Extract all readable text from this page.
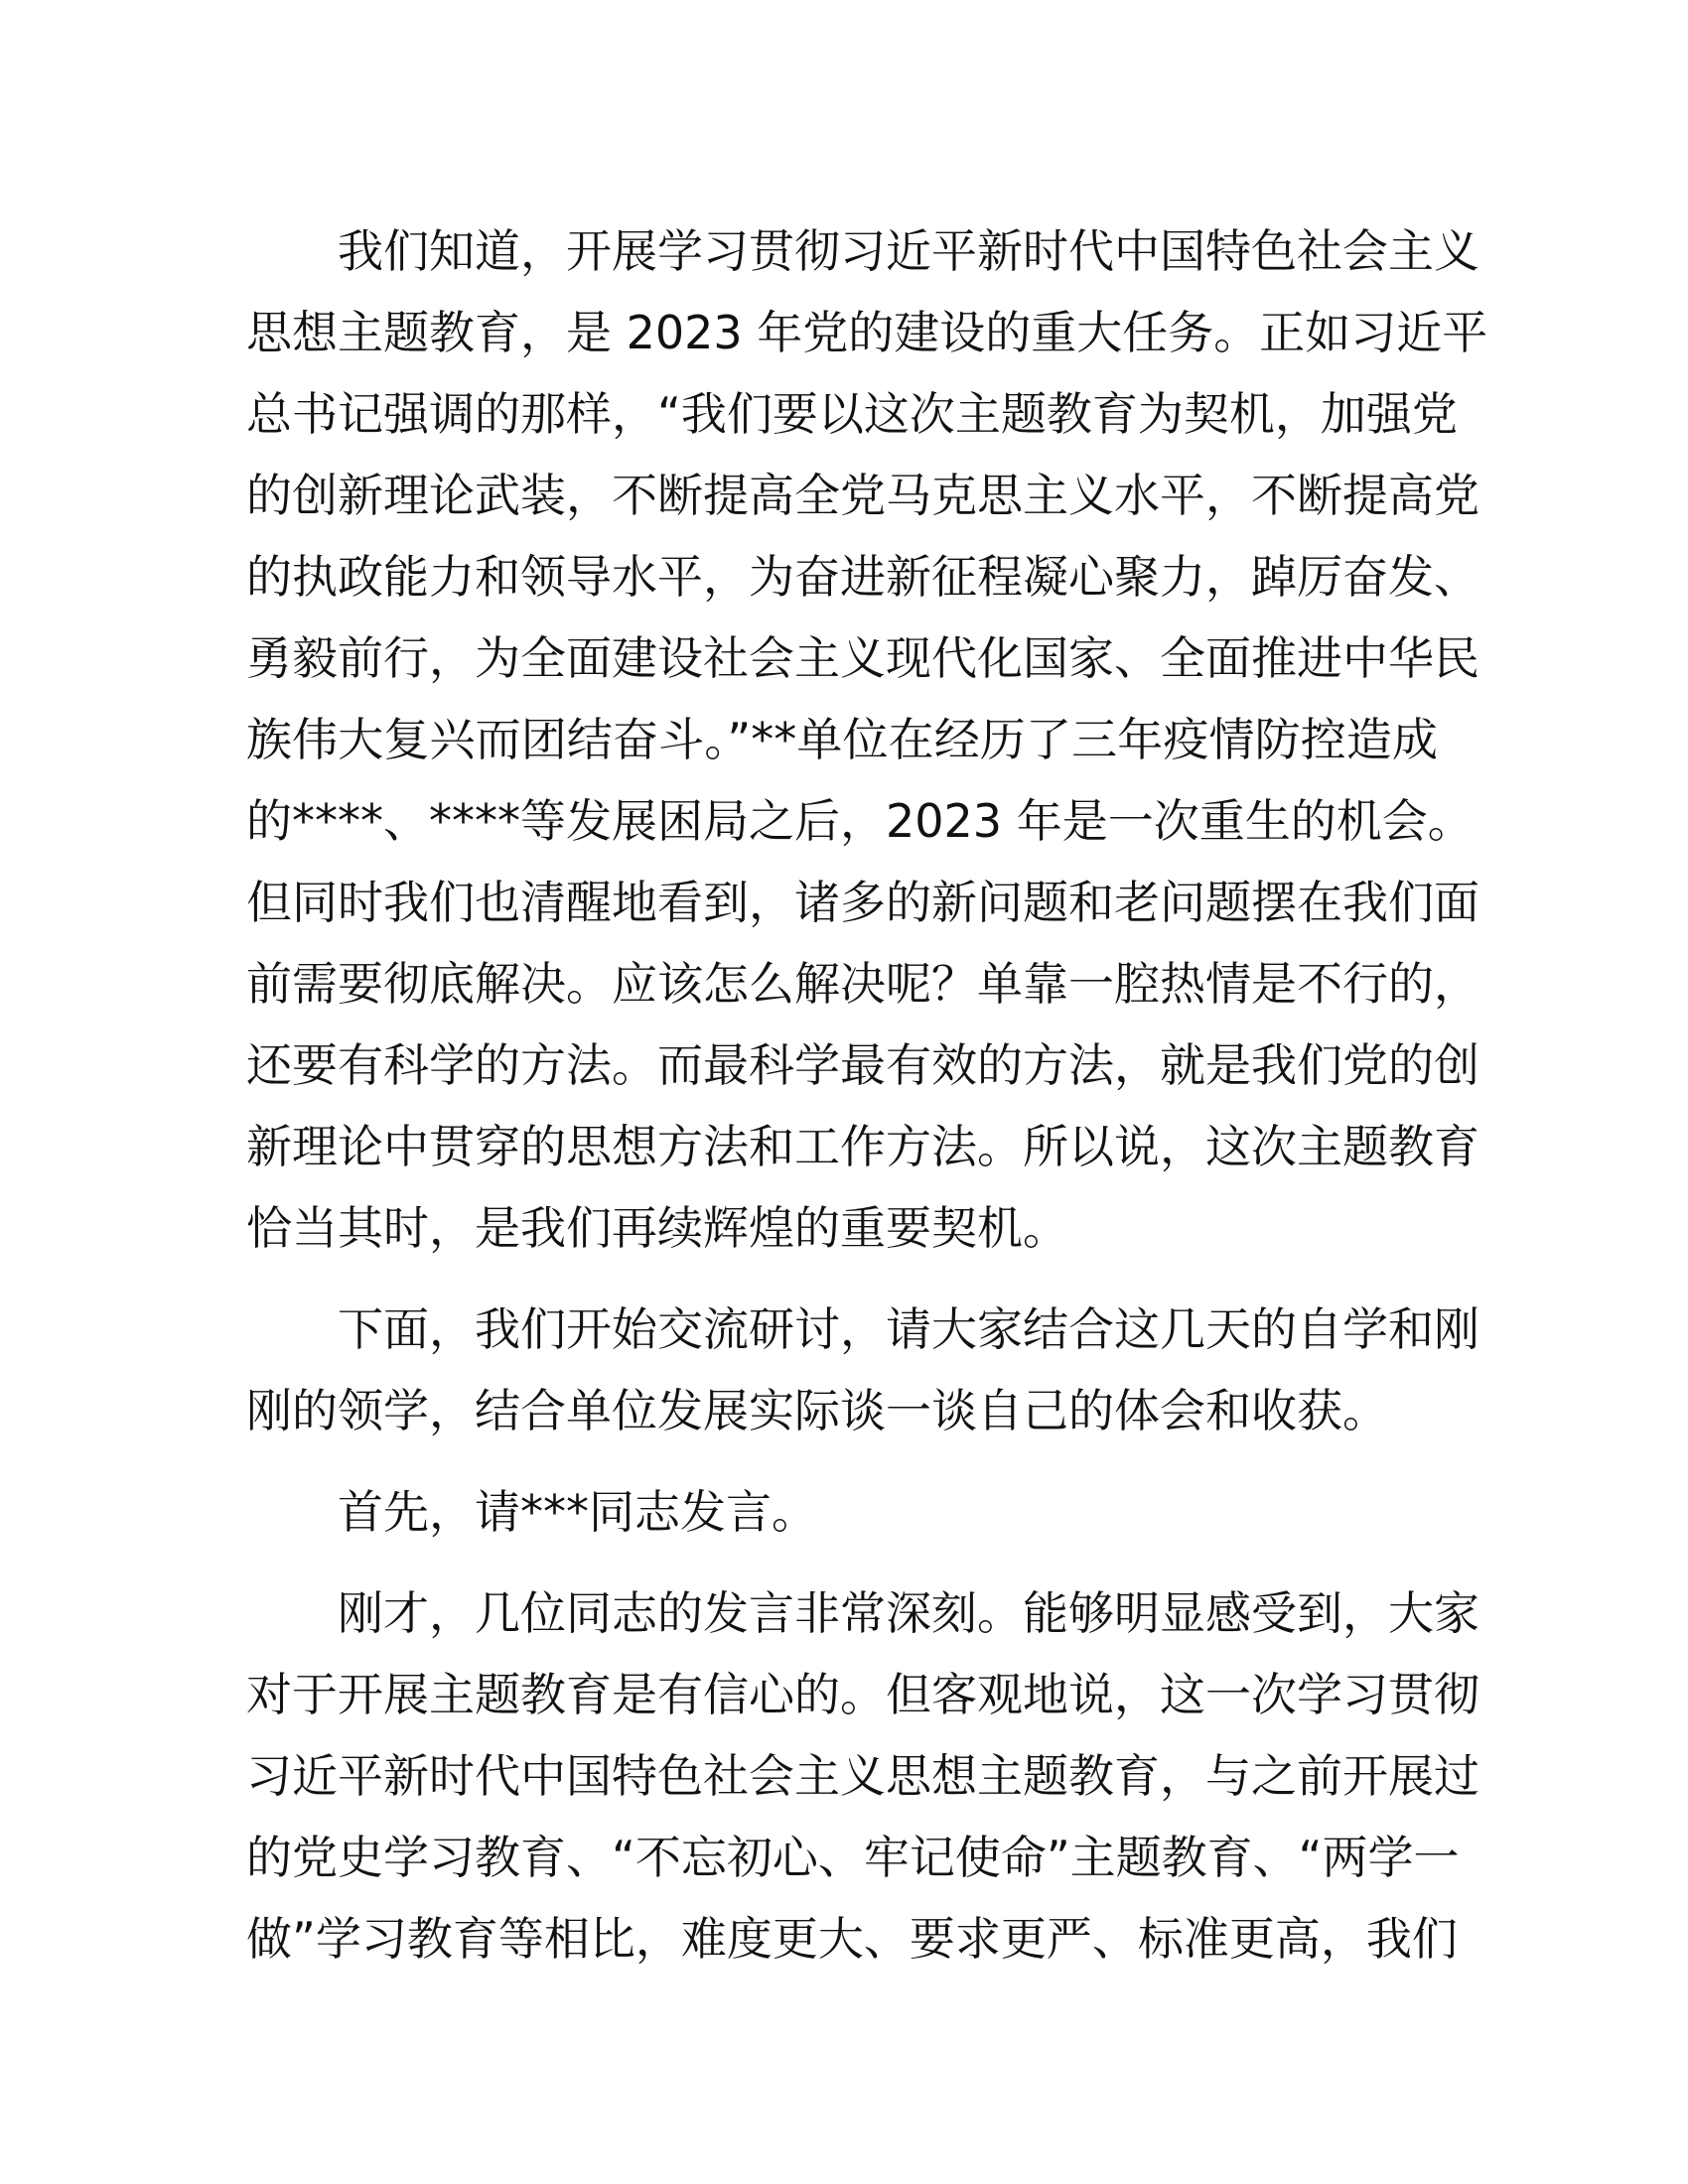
我们知道，开展学习贯彻习近平新时代中国特色社会主义
思想主题教育，是 2023 年党的建设的重大任务。正如习近平
总书记强调的那样，“我们要以这次主题教育为契机，加强党
的创新理论武装，不断提高全党马克思主义水平，不断提高党
的执政能力和领导水平，为奋进新征程凝心聚力，踔厉奋发、
勇毅前行，为全面建设社会主义现代化国家、全面推进中华民
族伟大复兴而团结奋斗。”**单位在经历了三年疫情防控造成
的****、****等发展困局之后，2023 年是一次重生的机会。
但同时我们也清醒地看到，诸多的新问题和老问题摆在我们面
前需要彻底解决。应该怎么解决呢？单靠一腔热情是不行的，
还要有科学的方法。而最科学最有效的方法，就是我们党的创
新理论中贯穿的思想方法和工作方法。所以说，这次主题教育
恰当其时，是我们再续辉煌的重要契机。
下面，我们开始交流研讨，请大家结合这几天的自学和刚
刚的领学，结合单位发展实际谈一谈自己的体会和收获。
首先，请***同志发言。
刚才，几位同志的发言非常深刻。能够明显感受到，大家
对于开展主题教育是有信心的。但客观地说，这一次学习贯彻
习近平新时代中国特色社会主义思想主题教育，与之前开展过
的党史学习教育、“不忘初心、牢记使命”主题教育、“两学一
做”学习教育等相比，难度更大、要求更严、标准更高，我们
